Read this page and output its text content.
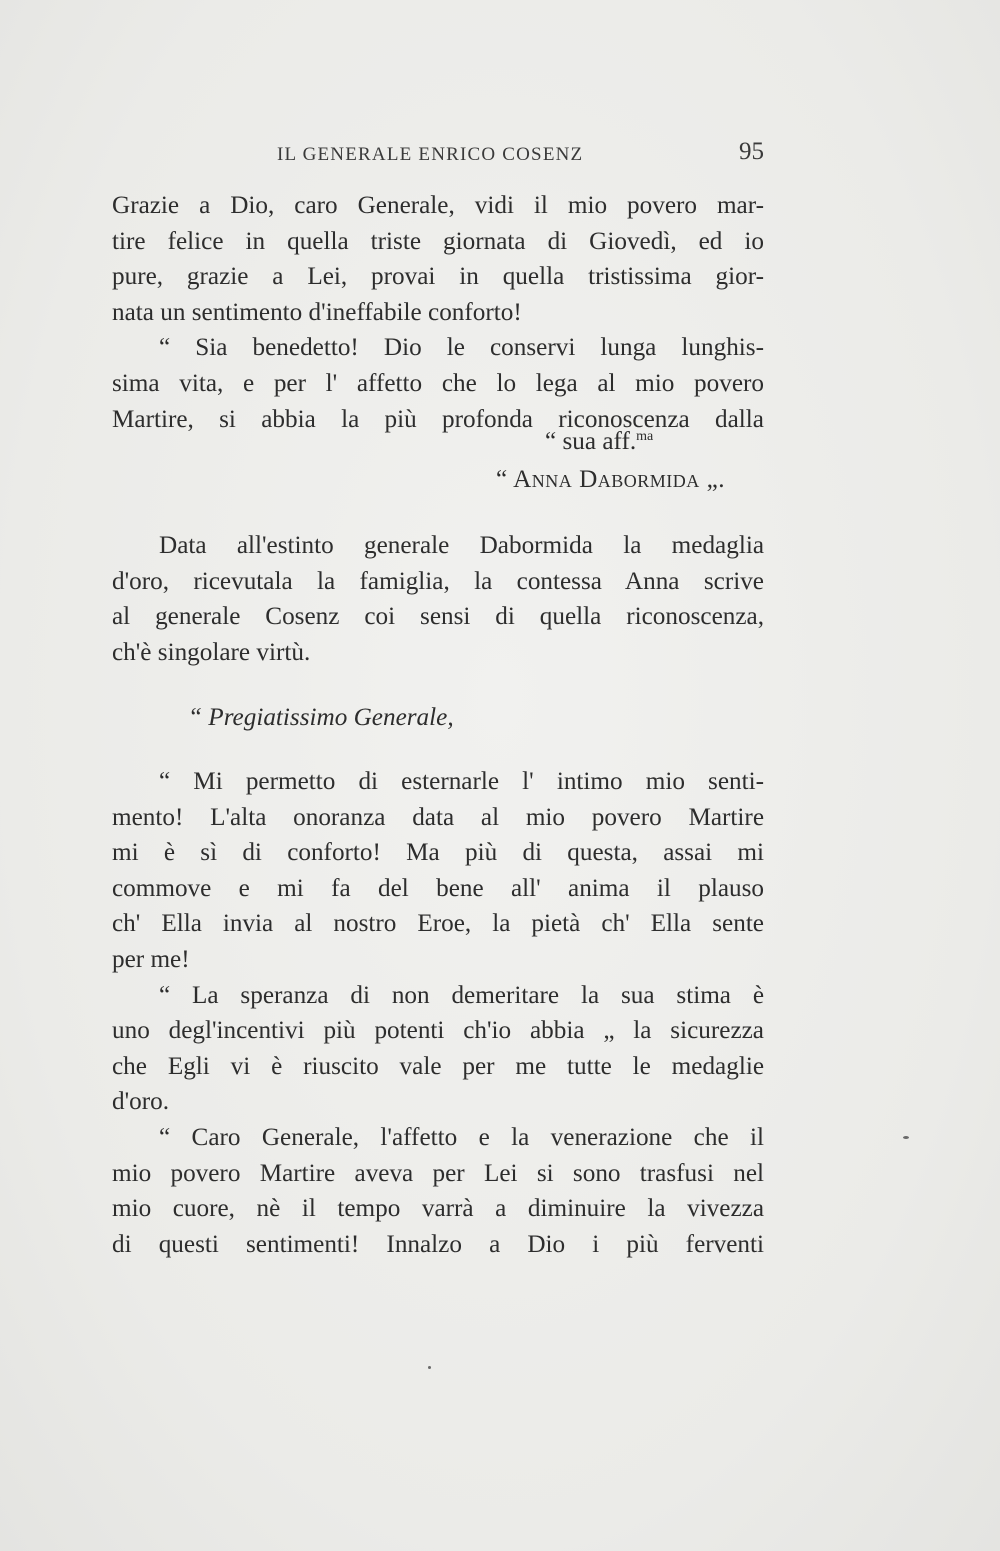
IL GENERALE ENRICO COSENZ	95
Grazie a Dio, caro Generale, vidi il mio povero mar-
tire felice in quella triste giornata di Giovedì, ed io
pure, grazie a Lei, provai in quella tristissima gior-
nata un sentimento d'ineffabile conforto!
“ Sia benedetto! Dio le conservi lunga lunghis-
sima vita, e per l' affetto che lo lega al mio povero
Martire, si abbia la più profonda riconoscenza dalla
“ sua aff.$^{ma}$
“ Anna Dabormida „.
Data all'estinto generale Dabormida la medaglia
d'oro, ricevutala la famiglia, la contessa Anna scrive
al generale Cosenz coi sensi di quella riconoscenza,
ch'è singolare virtù.
“ Pregiatissimo Generale,
“ Mi permetto di esternarle l' intimo mio senti-
mento! L'alta onoranza data al mio povero Martire
mi è sì di conforto! Ma più di questa, assai mi
commove e mi fa del bene all' anima il plauso
ch' Ella invia al nostro Eroe, la pietà ch' Ella sente
per me!
“ La speranza di non demeritare la sua stima è
uno degl'incentivi più potenti ch'io abbia „ la sicurezza
che Egli vi è riuscito vale per me tutte le medaglie
d'oro.
“ Caro Generale, l'affetto e la venerazione che il
mio povero Martire aveva per Lei si sono trasfusi nel
mio cuore, nè il tempo varrà a diminuire la vivezza
di questi sentimenti! Innalzo a Dio i più ferventi
